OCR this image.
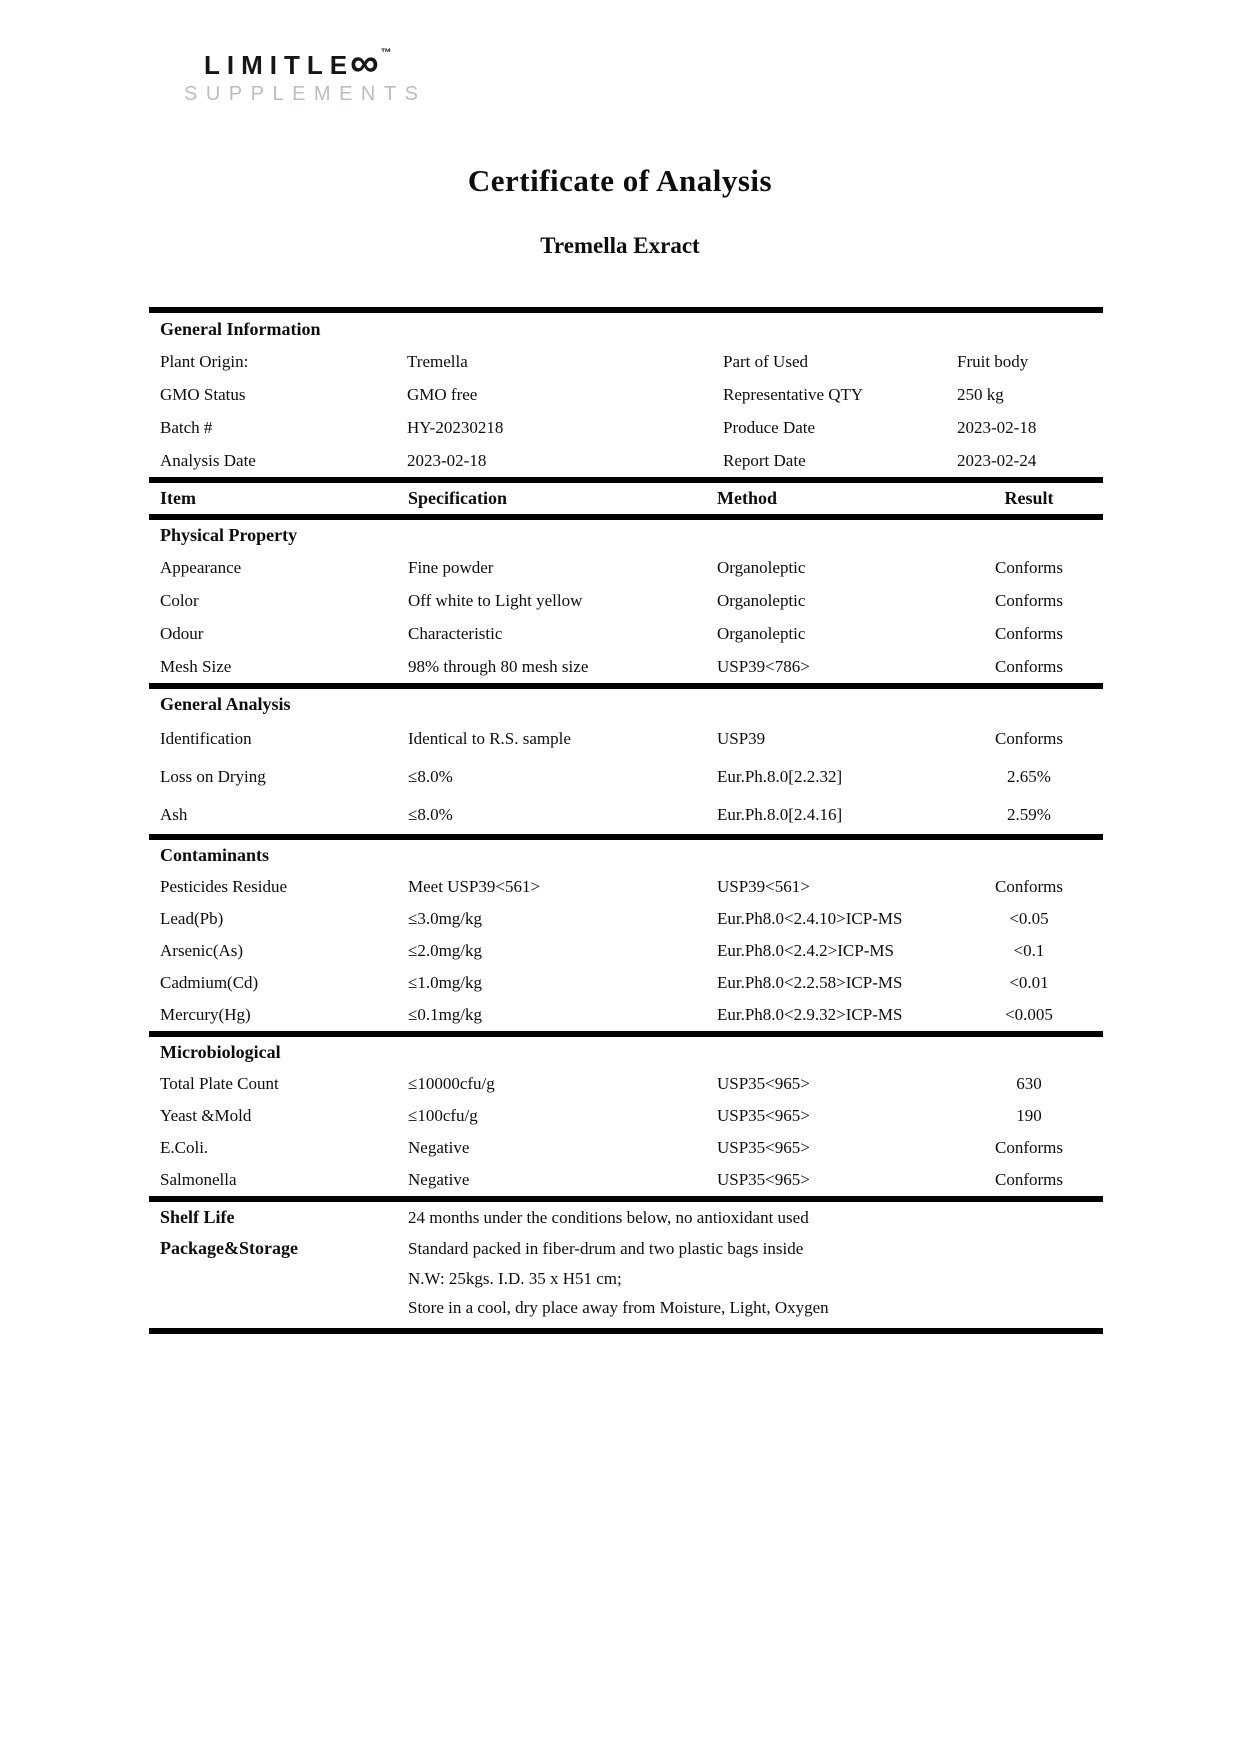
LIMITLE
∞ ™
SUPPLEMENTS
Certificate of Analysis
Tremella Exract
General Information
Plant Origin:	Tremella	Part of Used	Fruit body
GMO Status	GMO free	Representative QTY	250 kg
Batch #	HY-20230218	Produce Date	2023-02-18
Analysis Date	2023-02-18	Report Date	2023-02-24
Item	Specification	Method	Result
Physical Property
Appearance	Fine powder	Organoleptic	Conforms
Color	Off white to Light yellow	Organoleptic	Conforms
Odour	Characteristic	Organoleptic	Conforms
Mesh Size	98% through 80 mesh size	USP39<786>	Conforms
General Analysis
Identification	Identical to R.S. sample	USP39	Conforms
Loss on Drying	≤8.0%	Eur.Ph.8.0[2.2.32]	2.65%
Ash	≤8.0%	Eur.Ph.8.0[2.4.16]	2.59%
Contaminants
Pesticides Residue	Meet USP39<561>	USP39<561>	Conforms
Lead(Pb)	≤3.0mg/kg	Eur.Ph8.0<2.4.10>ICP-MS	<0.05
Arsenic(As)	≤2.0mg/kg	Eur.Ph8.0<2.4.2>ICP-MS	<0.1
Cadmium(Cd)	≤1.0mg/kg	Eur.Ph8.0<2.2.58>ICP-MS	<0.01
Mercury(Hg)	≤0.1mg/kg	Eur.Ph8.0<2.9.32>ICP-MS	<0.005
Microbiological
Total Plate Count	≤10000cfu/g	USP35<965>	630
Yeast &Mold	≤100cfu/g	USP35<965>	190
E.Coli.	Negative	USP35<965>	Conforms
Salmonella	Negative	USP35<965>	Conforms
Shelf Life	24 months under the conditions below, no antioxidant used
Package&Storage	Standard packed in fiber-drum and two plastic bags inside
N.W: 25kgs. I.D. 35 x H51 cm;
Store in a cool, dry place away from Moisture, Light, Oxygen
